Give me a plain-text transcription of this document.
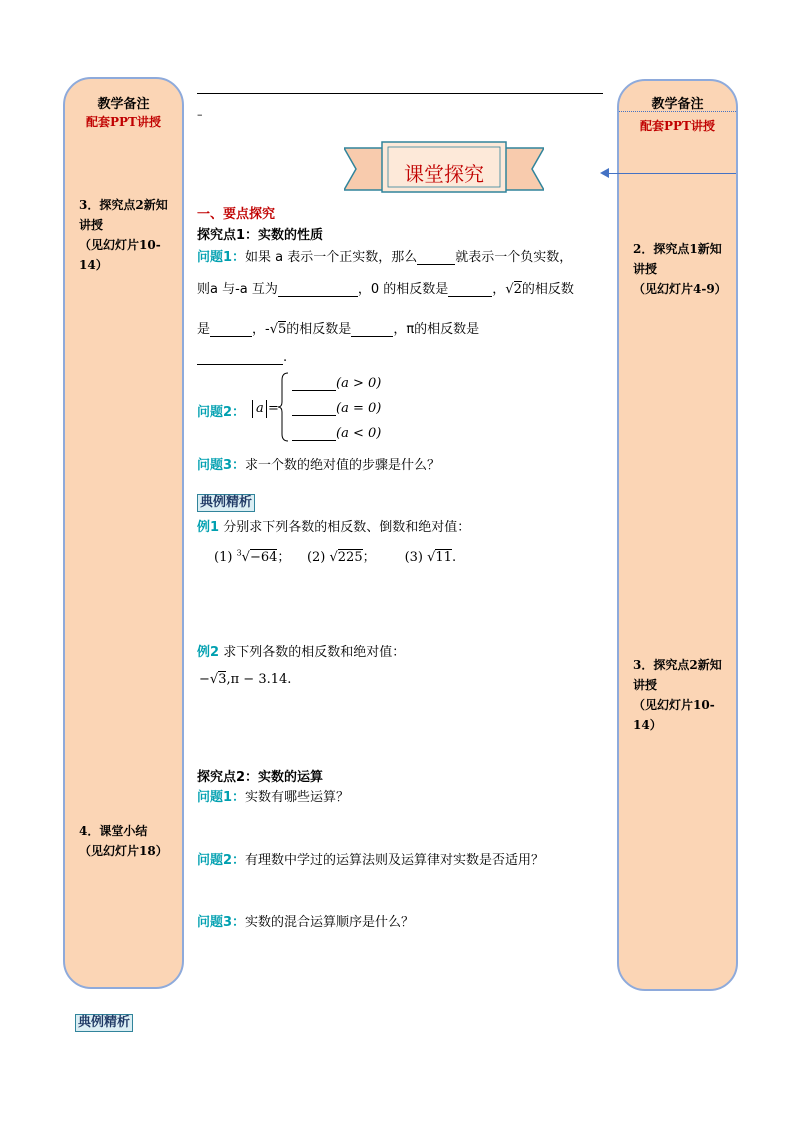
教学备注
配套PPT讲授
3．探究点2新知讲授
（见幻灯片10-14）
4．课堂小结
（见幻灯片18）
教学备注
配套PPT讲授
2．探究点1新知讲授
（见幻灯片4-9）
3．探究点2新知讲授
（见幻灯片10-14）
–
课堂探究
一、要点探究
探究点1：实数的性质
问题1：如果 a 表示一个正实数，那么	就表示一个负实数，
则a 与-a 互为	，0 的相反数是	，√2的相反数
是	，-√5的相反数是	，π的相反数是
.
问题2： a =
(a > 0)
(a = 0)
(a < 0)
问题3：求一个数的绝对值的步骤是什么？
典例精析
例1 分别求下列各数的相反数、倒数和绝对值：
(1) $^3$√−64； (2) √225； (3) √11.
例2 求下列各数的相反数和绝对值：
−√3,π − 3.14.
探究点2：实数的运算
问题1：实数有哪些运算？
问题2：有理数中学过的运算法则及运算律对实数是否适用？
问题3：实数的混合运算顺序是什么？
典例精析
